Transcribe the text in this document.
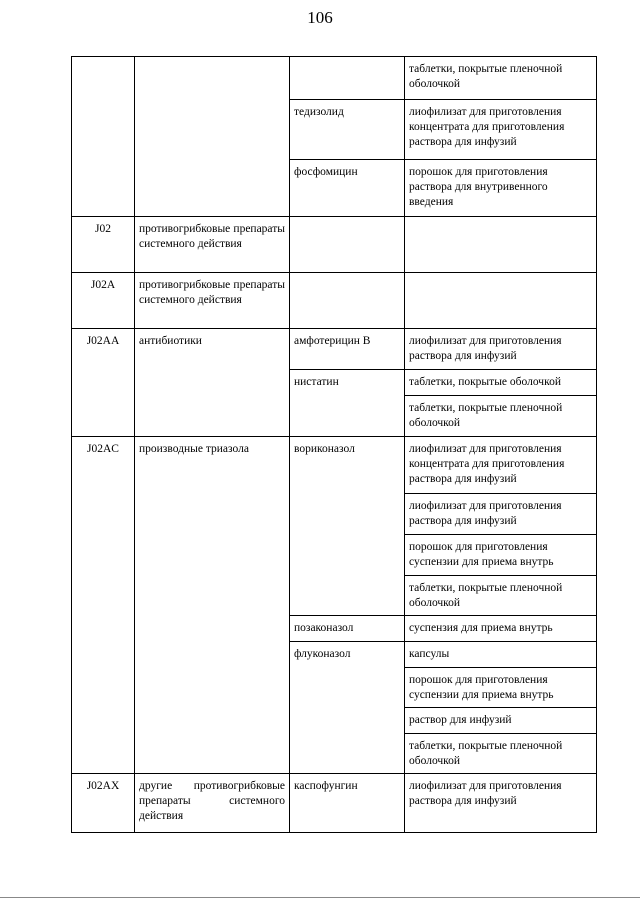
106
			таблетки, покрытые пленочной оболочкой
		тедизолид	лиофилизат для приготовления концентрата для приготовления раствора для инфузий
		фосфомицин	порошок для приготовления раствора для внутривенного введения
J02	противогрибковые препараты системного действия		
J02A	противогрибковые препараты системного действия		
J02AA	антибиотики	амфотерицин В	лиофилизат для приготовления раствора для инфузий
		нистатин	таблетки, покрытые оболочкой
			таблетки, покрытые пленочной оболочкой
J02AC	производные триазола	вориконазол	лиофилизат для приготовления концентрата для приготовления раствора для инфузий
			лиофилизат для приготовления раствора для инфузий
			порошок для приготовления суспензии для приема внутрь
			таблетки, покрытые пленочной оболочкой
		позаконазол	суспензия для приема внутрь
		флуконазол	капсулы
			порошок для приготовления суспензии для приема внутрь
			раствор для инфузий
			таблетки, покрытые пленочной оболочкой
J02AX	другие противогрибковые препараты системного действия	каспофунгин	лиофилизат для приготовления раствора для инфузий
